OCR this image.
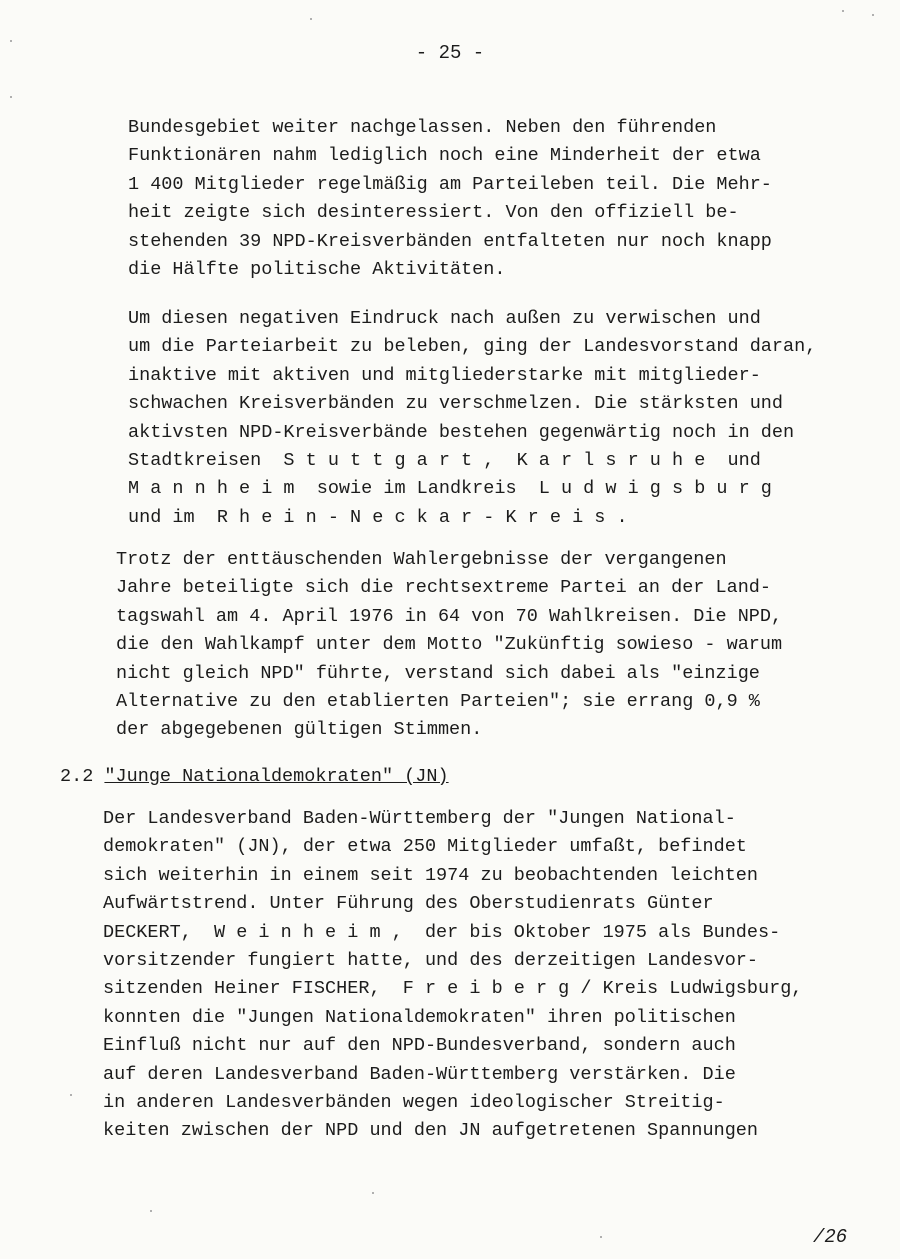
- 25 -
Bundesgebiet weiter nachgelassen. Neben den führenden
Funktionären nahm lediglich noch eine Minderheit der etwa
1 400 Mitglieder regelmäßig am Parteileben teil. Die Mehr-
heit zeigte sich desinteressiert. Von den offiziell be-
stehenden 39 NPD-Kreisverbänden entfalteten nur noch knapp
die Hälfte politische Aktivitäten.
Um diesen negativen Eindruck nach außen zu verwischen und
um die Parteiarbeit zu beleben, ging der Landesvorstand daran,
inaktive mit aktiven und mitgliederstarke mit mitglieder-
schwachen Kreisverbänden zu verschmelzen. Die stärksten und
aktivsten NPD-Kreisverbände bestehen gegenwärtig noch in den
Stadtkreisen  S t u t t g a r t ,  K a r l s r u h e  und
M a n n h e i m  sowie im Landkreis  L u d w i g s b u r g
und im  R h e i n - N e c k a r - K r e i s .
Trotz der enttäuschenden Wahlergebnisse der vergangenen
Jahre beteiligte sich die rechtsextreme Partei an der Land-
tagswahl am 4. April 1976 in 64 von 70 Wahlkreisen. Die NPD,
die den Wahlkampf unter dem Motto "Zukünftig sowieso - warum
nicht gleich NPD" führte, verstand sich dabei als "einzige
Alternative zu den etablierten Parteien"; sie errang 0,9 %
der abgegebenen gültigen Stimmen.
2.2 "Junge Nationaldemokraten" (JN)
Der Landesverband Baden-Württemberg der "Jungen National-
demokraten" (JN), der etwa 250 Mitglieder umfaßt, befindet
sich weiterhin in einem seit 1974 zu beobachtenden leichten
Aufwärtstrend. Unter Führung des Oberstudienrats Günter
DECKERT,  W e i n h e i m ,  der bis Oktober 1975 als Bundes-
vorsitzender fungiert hatte, und des derzeitigen Landesvor-
sitzenden Heiner FISCHER,  F r e i b e r g / Kreis Ludwigsburg,
konnten die "Jungen Nationaldemokraten" ihren politischen
Einfluß nicht nur auf den NPD-Bundesverband, sondern auch
auf deren Landesverband Baden-Württemberg verstärken. Die
in anderen Landesverbänden wegen ideologischer Streitig-
keiten zwischen der NPD und den JN aufgetretenen Spannungen
/26
